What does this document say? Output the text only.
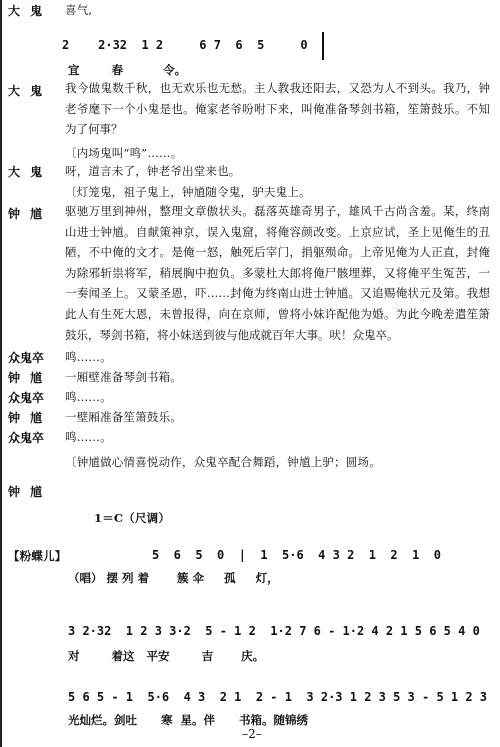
大 鬼 喜气,
2    2·32  1 2     6 7  6  5     0
宜        春          令。
大 鬼 我今做鬼数千秋，也无欢乐也无愁。主人教我还阳去，又恐为人不到头。我乃，钟老爷麾下一个小鬼是也。俺家老爷吩咐下来，叫俺准备琴剑书箱，笙箫鼓乐。不知为了何事？
〔内场鬼叫“鸣”……。
大 鬼 呀，道言未了，钟老爷出堂来也。
〔灯笼鬼，祖子鬼上，钟馗随令鬼，驴夫鬼上。
钟 馗 驱驰万里到神州，整理文章傲状头。磊落英雄奇男子，雄风千古尚含羞。某，终南山进士钟馗。自献策神京，误入鬼窟，将俺容颜改变。上京应试，圣上见俺生的丑陋，不中俺的文才。是俺一怒，触死后宰门，捐躯殒命。上帝见俺为人正直，封俺为除邪斩祟将军，稍展胸中抱负。多蒙杜大郎将俺尸骸埋葬，又将俺平生冤苦，一一奏闻圣上。又蒙圣恩，吓……封俺为终南山进士钟馗。又追赐俺状元及第。我想此人有生死大恩，未曾报得，向在京师，曾将小妹许配他为婚。为此今晚差遣笙箫鼓乐，琴剑书箱，将小妹送到彼与他成就百年大事。吠！众鬼卒。
众鬼卒 鸣……。
钟 馗 一厢壁准备琴剑书箱。
众鬼卒 鸣……。
钟 馗 一壁厢准备笙箫鼓乐。
众鬼卒 鸣……。
〔钟馗做心情喜悦动作，众鬼卒配合舞蹈，钟馗上驴；圆场。
钟 馗
1＝C（尺调）
【粉蝶儿】	5  6  5  0  |  1  5·6  4 3 2  1  2  1  0
（唱） 摆 列 着       簇 伞     孤     灯，
3 2·32  1 2 3 3·2  5 - 1 2  1·2 7 6 - 1·2 4 2 1 5 6 5 4 0
对        着这   平安        吉       庆。
5 6 5 - 1  5·6  4 3  2 1  2 - 1  3 2·3 1 2 3 5 3 - 5 1 2 3
光灿烂。剑吐      寒  星。伴      书箱。随锦绣
–2–
